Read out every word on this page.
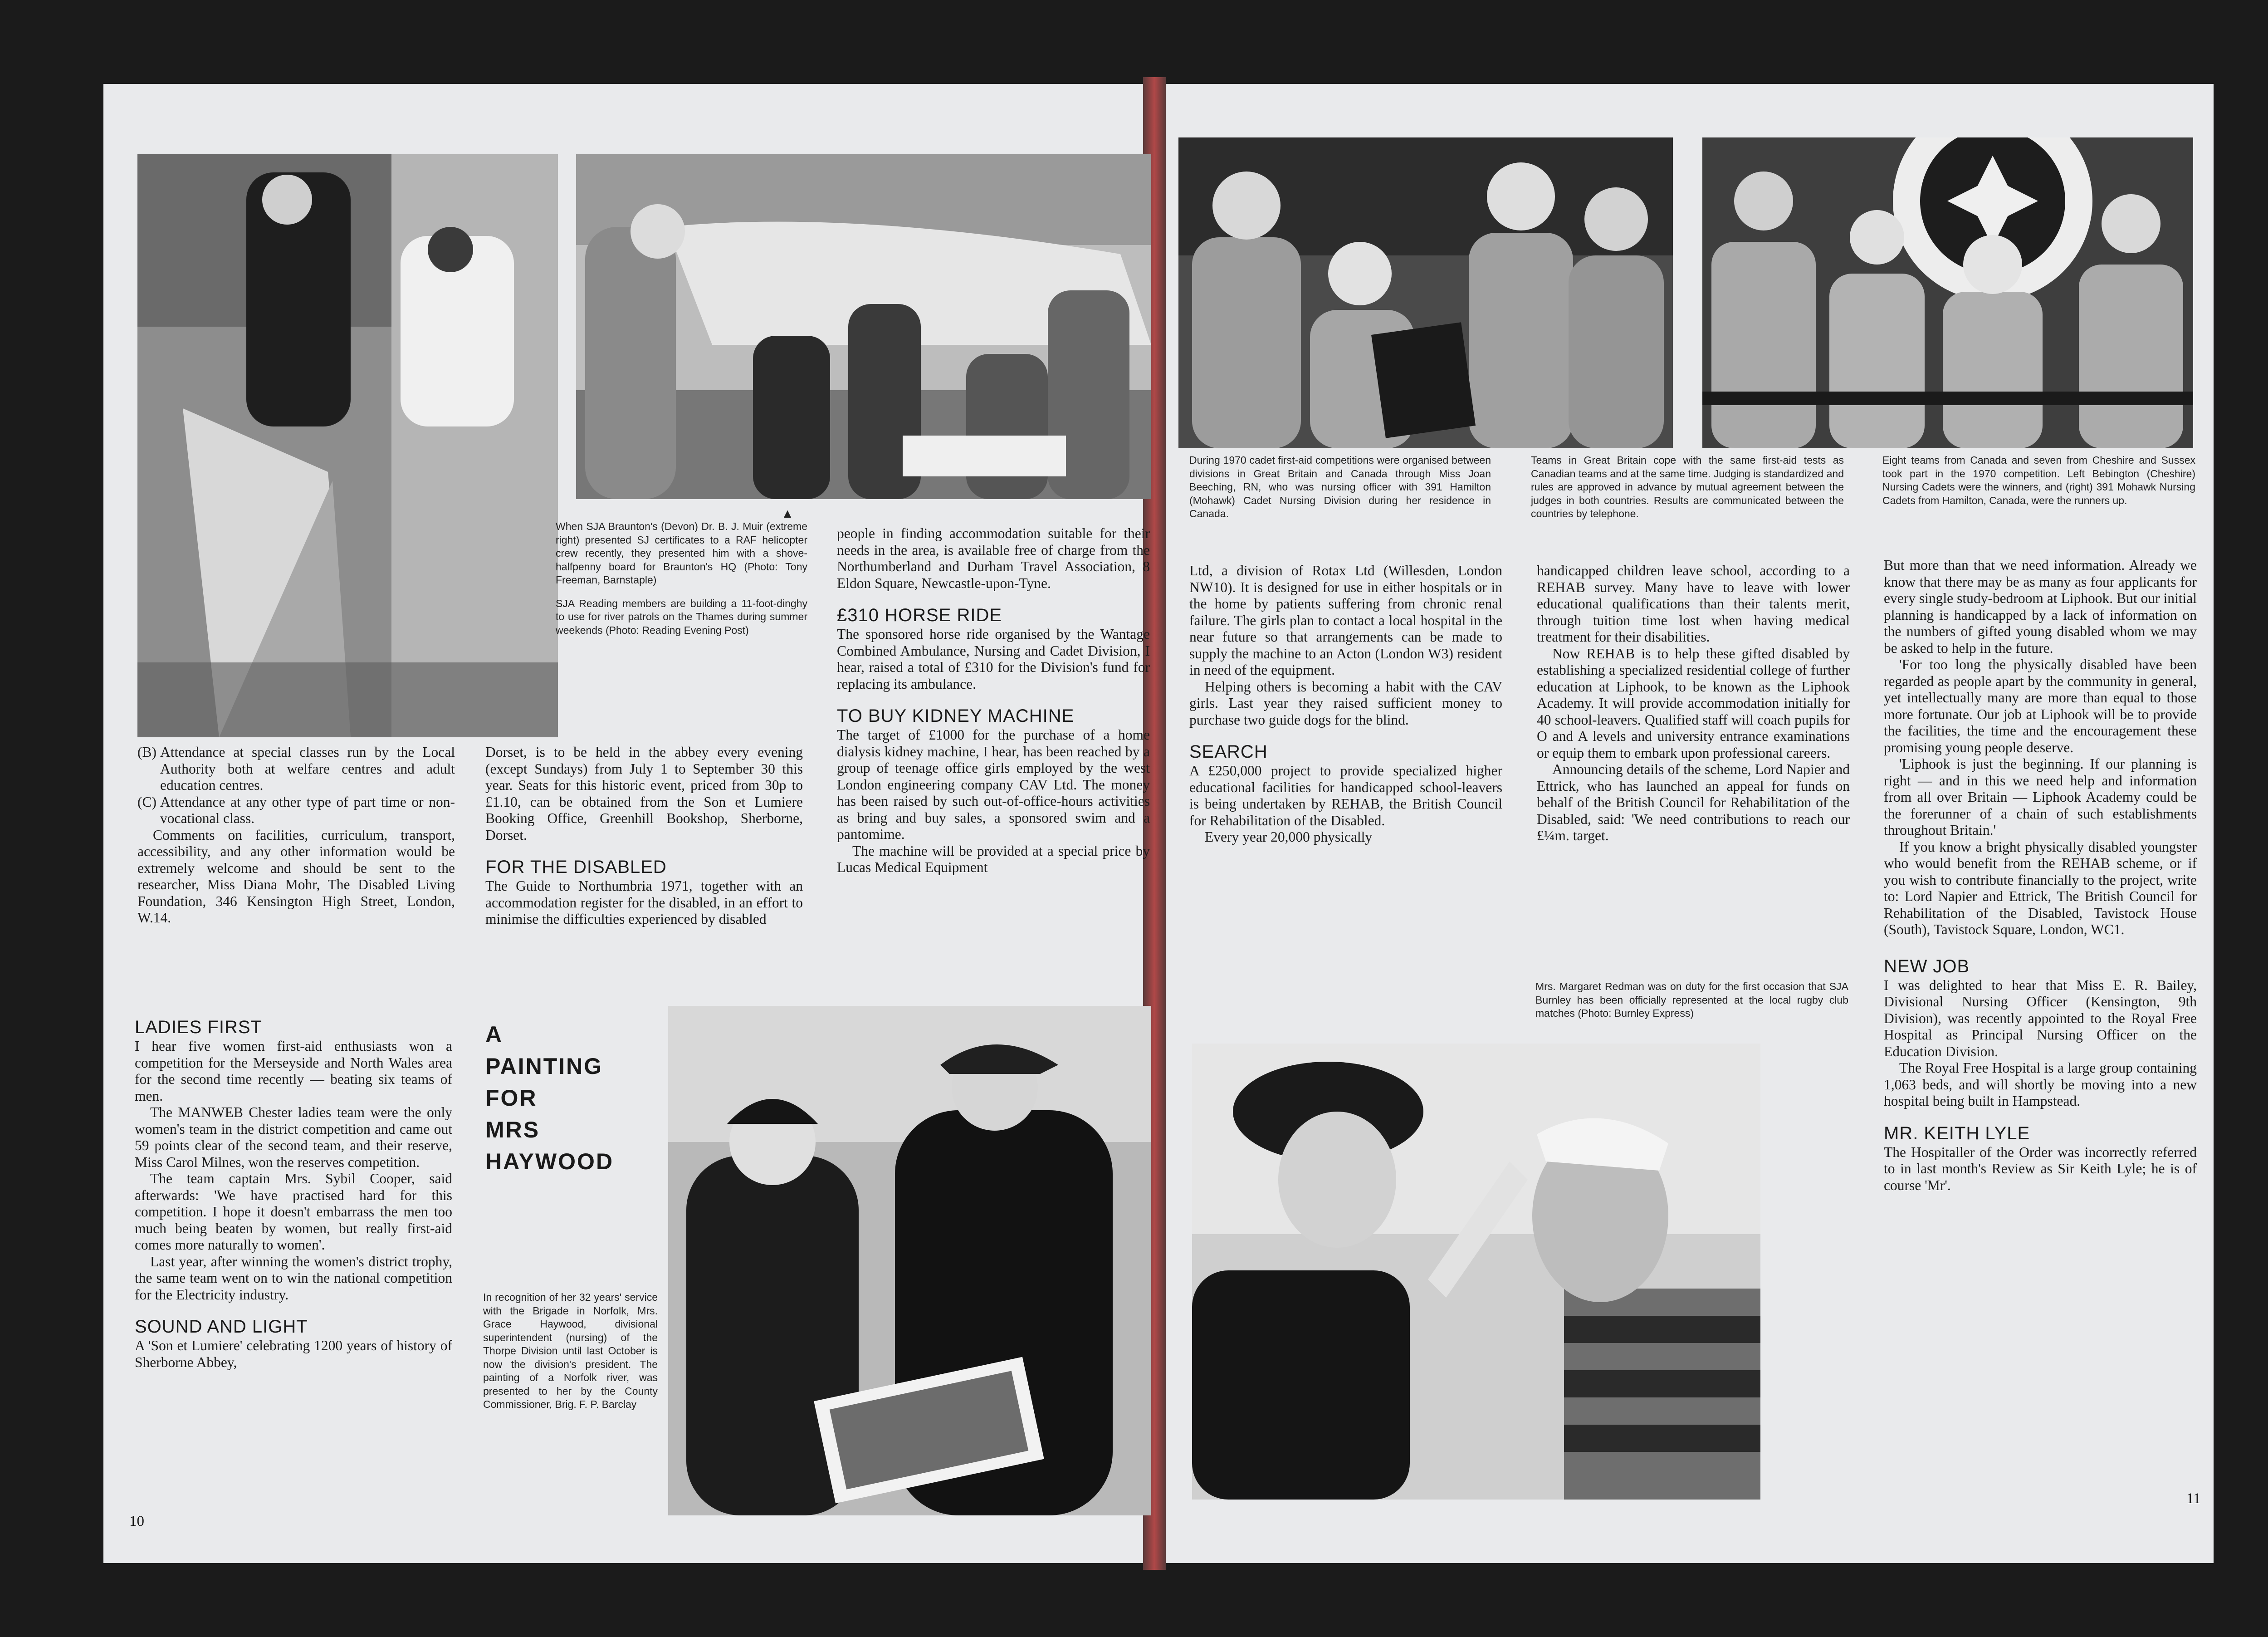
▲

When SJA Braunton's (Devon) Dr. B. J. Muir (extreme right) presented SJ certificates to a RAF helicopter crew recently, they presented him with a shove-halfpenny board for Braunton's HQ (Photo: Tony Freeman, Barnstaple)

SJA Reading members are building a 11-foot-dinghy to use for river patrols on the Thames during summer weekends (Photo: Reading Evening Post)

In recognition of her 32 years' service with the Brigade in Norfolk, Mrs. Grace Haywood, divisional superintendent (nursing) of the Thorpe Division until last October is now the division's president. The painting of a Norfolk river, was presented to her by the County Commissioner, Brig. F. P. Barclay

(B) Attendance at special classes run by the Local Authority both at welfare centres and adult education centres.

(C) Attendance at any other type of part time or non-vocational class.

Comments on facilities, curriculum, transport, accessibility, and any other information would be extremely welcome and should be sent to the researcher, Miss Diana Mohr, The Disabled Living Foundation, 346 Kensington High Street, London, W.14.

Dorset, is to be held in the abbey every evening (except Sundays) from July 1 to September 30 this year. Seats for this historic event, priced from 30p to £1.10, can be obtained from the Son et Lumiere Booking Office, Greenhill Bookshop, Sherborne, Dorset.

FOR THE DISABLED

The Guide to Northumbria 1971, together with an accommodation register for the disabled, in an effort to minimise the difficulties experienced by disabled

people in finding accommodation suitable for their needs in the area, is available free of charge from the Northumberland and Durham Travel Association, 8 Eldon Square, Newcastle-upon-Tyne.

£310 HORSE RIDE

The sponsored horse ride organised by the Wantage Combined Ambulance, Nursing and Cadet Division, I hear, raised a total of £310 for the Division's fund for replacing its ambulance.

TO BUY KIDNEY MACHINE

The target of £1000 for the purchase of a home dialysis kidney machine, I hear, has been reached by a group of teenage office girls employed by the west London engineering company CAV Ltd. The money has been raised by such out-of-office-hours activities as bring and buy sales, a sponsored swim and a pantomime.

The machine will be provided at a special price by Lucas Medical Equipment

LADIES FIRST

I hear five women first-aid enthusiasts won a competition for the Merseyside and North Wales area for the second time recently — beating six teams of men.

The MANWEB Chester ladies team were the only women's team in the district competition and came out 59 points clear of the second team, and their reserve, Miss Carol Milnes, won the reserves competition.

The team captain Mrs. Sybil Cooper, said afterwards: 'We have practised hard for this competition. I hope it doesn't embarrass the men too much being beaten by women, but really first-aid comes more naturally to women'.

Last year, after winning the women's district trophy, the same team went on to win the national competition for the Electricity industry.

SOUND AND LIGHT

A 'Son et Lumiere' celebrating 1200 years of history of Sherborne Abbey,

A
PAINTING
FOR
MRS
HAYWOOD
10

During 1970 cadet first-aid competitions were organised between divisions in Great Britain and Canada through Miss Joan Beeching, RN, who was nursing officer with 391 Hamilton (Mohawk) Cadet Nursing Division during her residence in Canada.

Teams in Great Britain cope with the same first-aid tests as Canadian teams and at the same time. Judging is standardized and rules are approved in advance by mutual agreement between the judges in both countries. Results are communicated between the countries by telephone.

Eight teams from Canada and seven from Cheshire and Sussex took part in the 1970 competition. Left Bebington (Cheshire) Nursing Cadets were the winners, and (right) 391 Mohawk Nursing Cadets from Hamilton, Canada, were the runners up.

Mrs. Margaret Redman was on duty for the first occasion that SJA Burnley has been officially represented at the local rugby club matches (Photo: Burnley Express)

Ltd, a division of Rotax Ltd (Willesden, London NW10). It is designed for use in either hospitals or in the home by patients suffering from chronic renal failure. The girls plan to contact a local hospital in the near future so that arrangements can be made to supply the machine to an Acton (London W3) resident in need of the equipment.

Helping others is becoming a habit with the CAV girls. Last year they raised sufficient money to purchase two guide dogs for the blind.

SEARCH

A £250,000 project to provide specialized higher educational facilities for handicapped school-leavers is being undertaken by REHAB, the British Council for Rehabilitation of the Disabled.

Every year 20,000 physically

handicapped children leave school, according to a REHAB survey. Many have to leave with lower educational qualifications than their talents merit, through tuition time lost when having medical treatment for their disabilities.

Now REHAB is to help these gifted disabled by establishing a specialized residential college of further education at Liphook, to be known as the Liphook Academy. It will provide accommodation initially for 40 school-leavers. Qualified staff will coach pupils for O and A levels and university entrance examinations or equip them to embark upon professional careers.

Announcing details of the scheme, Lord Napier and Ettrick, who has launched an appeal for funds on behalf of the British Council for Rehabilitation of the Disabled, said: 'We need contributions to reach our £¼m. target.

But more than that we need information. Already we know that there may be as many as four applicants for every single study-bedroom at Liphook. But our initial planning is handicapped by a lack of information on the numbers of gifted young disabled whom we may be asked to help in the future.

'For too long the physically disabled have been regarded as people apart by the community in general, yet intellectually many are more than equal to those more fortunate. Our job at Liphook will be to provide the facilities, the time and the encouragement these promising young people deserve.

'Liphook is just the beginning. If our planning is right — and in this we need help and information from all over Britain — Liphook Academy could be the forerunner of a chain of such establishments throughout Britain.'

If you know a bright physically disabled youngster who would benefit from the REHAB scheme, or if you wish to contribute financially to the project, write to: Lord Napier and Ettrick, The British Council for Rehabilitation of the Disabled, Tavistock House (South), Tavistock Square, London, WC1.

NEW JOB

I was delighted to hear that Miss E. R. Bailey, Divisional Nursing Officer (Kensington, 9th Division), was recently appointed to the Royal Free Hospital as Principal Nursing Officer on the Education Division.

The Royal Free Hospital is a large group containing 1,063 beds, and will shortly be moving into a new hospital being built in Hampstead.

MR. KEITH LYLE

The Hospitaller of the Order was incorrectly referred to in last month's Review as Sir Keith Lyle; he is of course 'Mr'.

11
